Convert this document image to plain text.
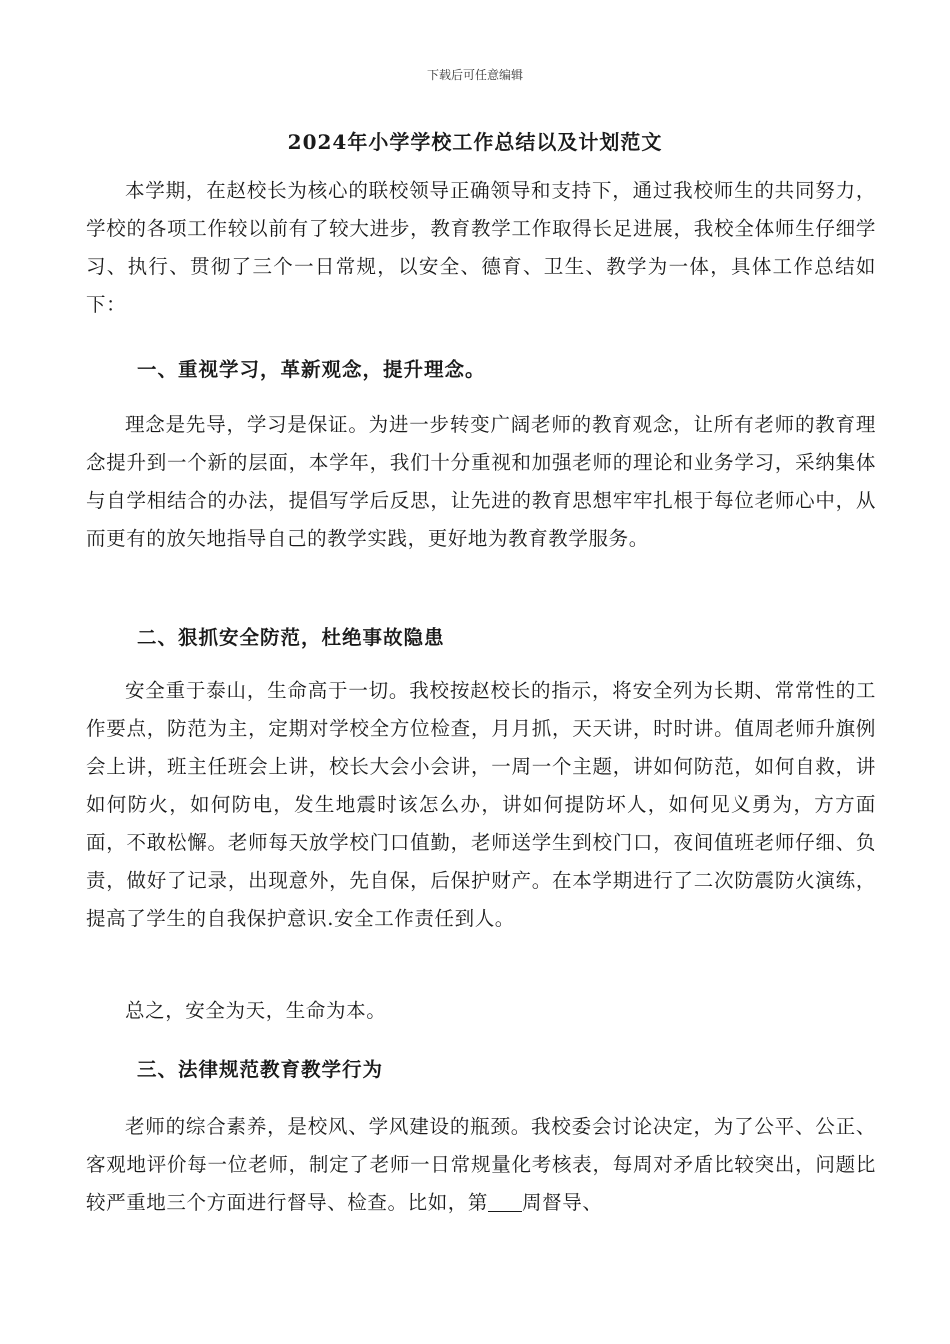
下载后可任意编辑
2024年小学学校工作总结以及计划范文

本学期，在赵校长为核心的联校领导正确领导和支持下，通过我校师生的共同努力，学校的各项工作较以前有了较大进步，教育教学工作取得长足进展，我校全体师生仔细学习、执行、贯彻了三个一日常规，以安全、德育、卫生、教学为一体，具体工作总结如下：

一、重视学习，革新观念，提升理念。

理念是先导，学习是保证。为进一步转变广阔老师的教育观念，让所有老师的教育理念提升到一个新的层面，本学年，我们十分重视和加强老师的理论和业务学习，采纳集体与自学相结合的办法，提倡写学后反思，让先进的教育思想牢牢扎根于每位老师心中，从而更有的放矢地指导自己的教学实践，更好地为教育教学服务。

二、狠抓安全防范，杜绝事故隐患

安全重于泰山，生命高于一切。我校按赵校长的指示，将安全列为长期、常常性的工作要点，防范为主，定期对学校全方位检查，月月抓，天天讲，时时讲。值周老师升旗例会上讲，班主任班会上讲，校长大会小会讲，一周一个主题，讲如何防范，如何自救，讲如何防火，如何防电，发生地震时该怎么办，讲如何提防坏人，如何见义勇为，方方面面，不敢松懈。老师每天放学校门口值勤，老师送学生到校门口，夜间值班老师仔细、负责，做好了记录，出现意外，先自保，后保护财产。在本学期进行了二次防震防火演练，提高了学生的自我保护意识.安全工作责任到人。

总之，安全为天，生命为本。

三、法律规范教育教学行为

老师的综合素养，是校风、学风建设的瓶颈。我校委会讨论决定，为了公平、公正、客观地评价每一位老师，制定了老师一日常规量化考核表，每周对矛盾比较突出，问题比较严重地三个方面进行督导、检查。比如，第 周督导、
